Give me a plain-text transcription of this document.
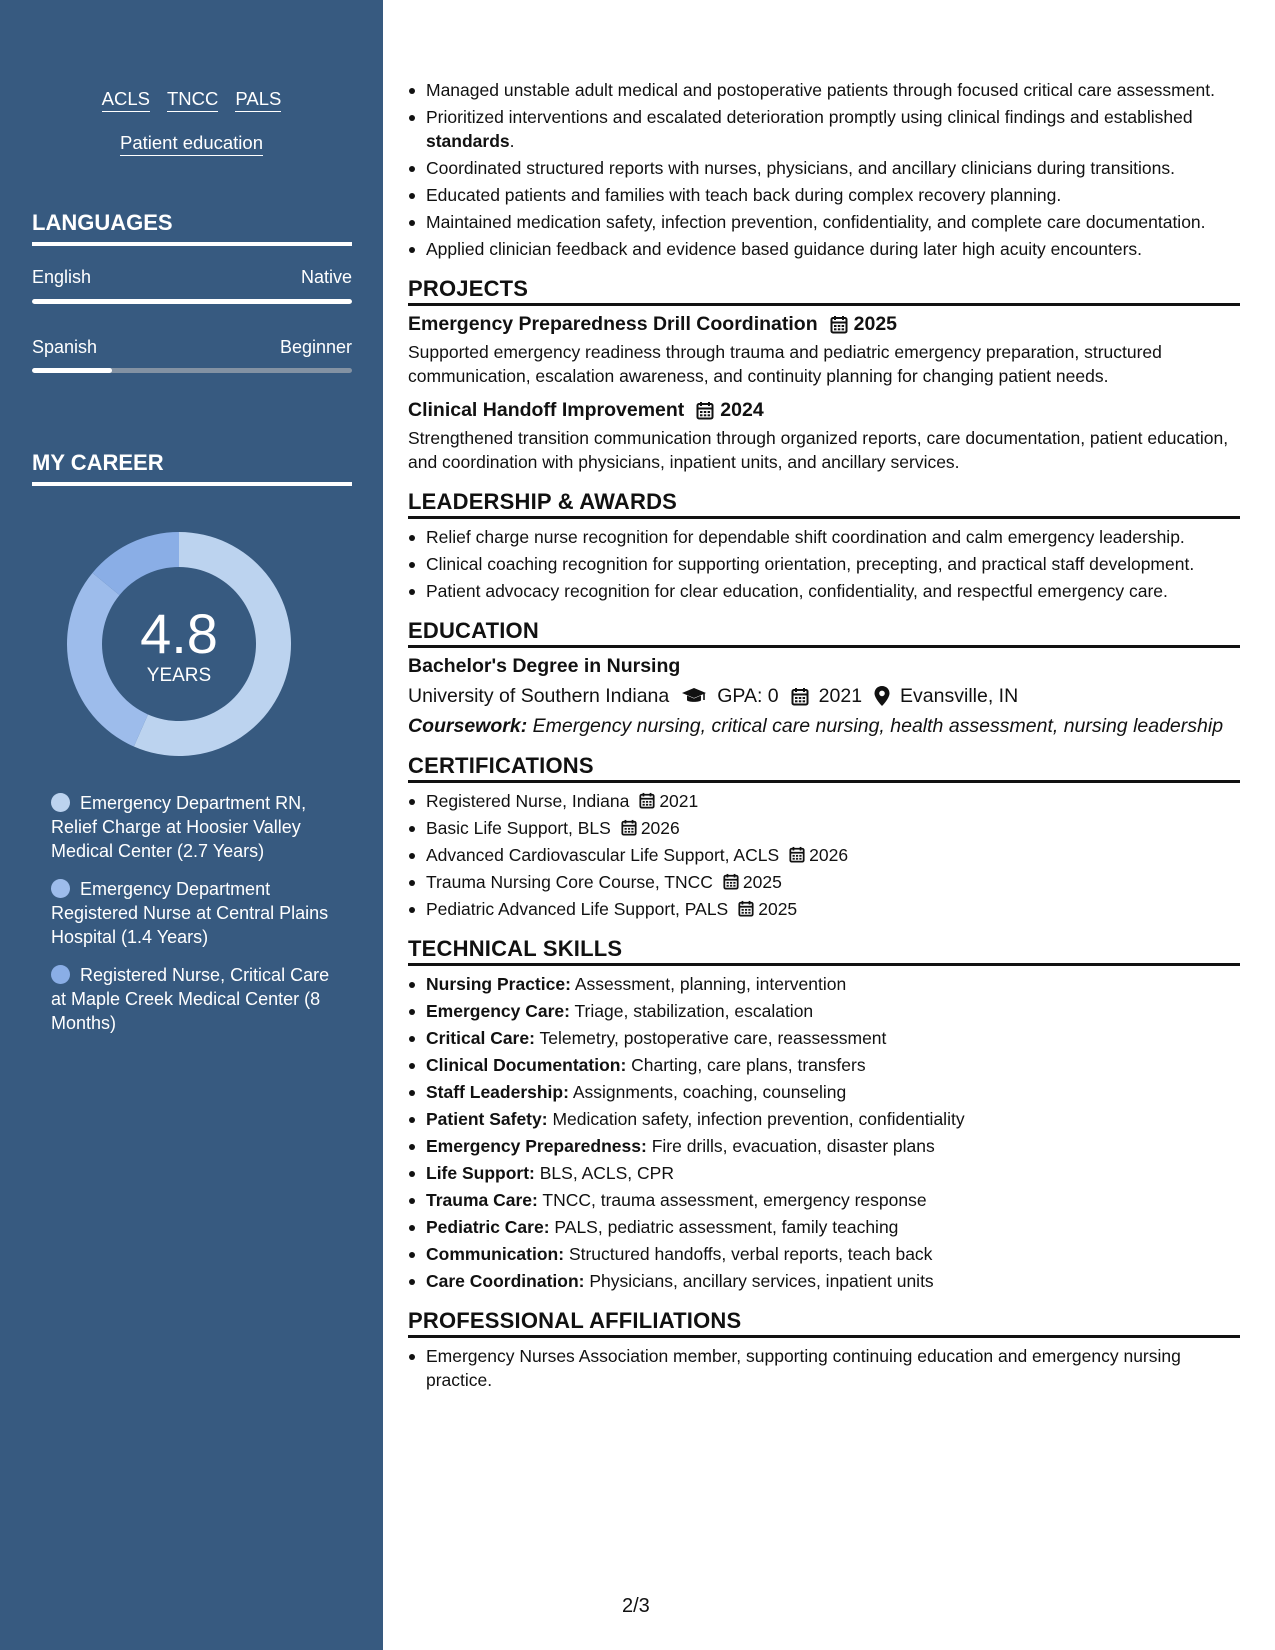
ACLS TNCC PALS
Patient education
LANGUAGES
English	Native
Spanish	Beginner
MY CAREER
4.8
YEARS
Emergency Department RN, Relief Charge at Hoosier Valley Medical Center (2.7 Years)
Emergency Department Registered Nurse at Central Plains Hospital (1.4 Years)
Registered Nurse, Critical Care at Maple Creek Medical Center (8 Months)
Managed unstable adult medical and postoperative patients through focused critical care assessment.
Prioritized interventions and escalated deterioration promptly using clinical findings and established standards.
Coordinated structured reports with nurses, physicians, and ancillary clinicians during transitions.
Educated patients and families with teach back during complex recovery planning.
Maintained medication safety, infection prevention, confidentiality, and complete care documentation.
Applied clinician feedback and evidence based guidance during later high acuity encounters.
PROJECTS
Emergency Preparedness Drill Coordination 2025
Supported emergency readiness through trauma and pediatric emergency preparation, structured communication, escalation awareness, and continuity planning for changing patient needs.
Clinical Handoff Improvement 2024
Strengthened transition communication through organized reports, care documentation, patient education, and coordination with physicians, inpatient units, and ancillary services.
LEADERSHIP & AWARDS
Relief charge nurse recognition for dependable shift coordination and calm emergency leadership.
Clinical coaching recognition for supporting orientation, precepting, and practical staff development.
Patient advocacy recognition for clear education, confidentiality, and respectful emergency care.
EDUCATION
Bachelor's Degree in Nursing
University of Southern Indiana GPA: 0 2021 Evansville, IN
Coursework: Emergency nursing, critical care nursing, health assessment, nursing leadership
CERTIFICATIONS
Registered Nurse, Indiana 2021
Basic Life Support, BLS 2026
Advanced Cardiovascular Life Support, ACLS 2026
Trauma Nursing Core Course, TNCC 2025
Pediatric Advanced Life Support, PALS 2025
TECHNICAL SKILLS
Nursing Practice: Assessment, planning, intervention
Emergency Care: Triage, stabilization, escalation
Critical Care: Telemetry, postoperative care, reassessment
Clinical Documentation: Charting, care plans, transfers
Staff Leadership: Assignments, coaching, counseling
Patient Safety: Medication safety, infection prevention, confidentiality
Emergency Preparedness: Fire drills, evacuation, disaster plans
Life Support: BLS, ACLS, CPR
Trauma Care: TNCC, trauma assessment, emergency response
Pediatric Care: PALS, pediatric assessment, family teaching
Communication: Structured handoffs, verbal reports, teach back
Care Coordination: Physicians, ancillary services, inpatient units
PROFESSIONAL AFFILIATIONS
Emergency Nurses Association member, supporting continuing education and emergency nursing practice.
2/3
